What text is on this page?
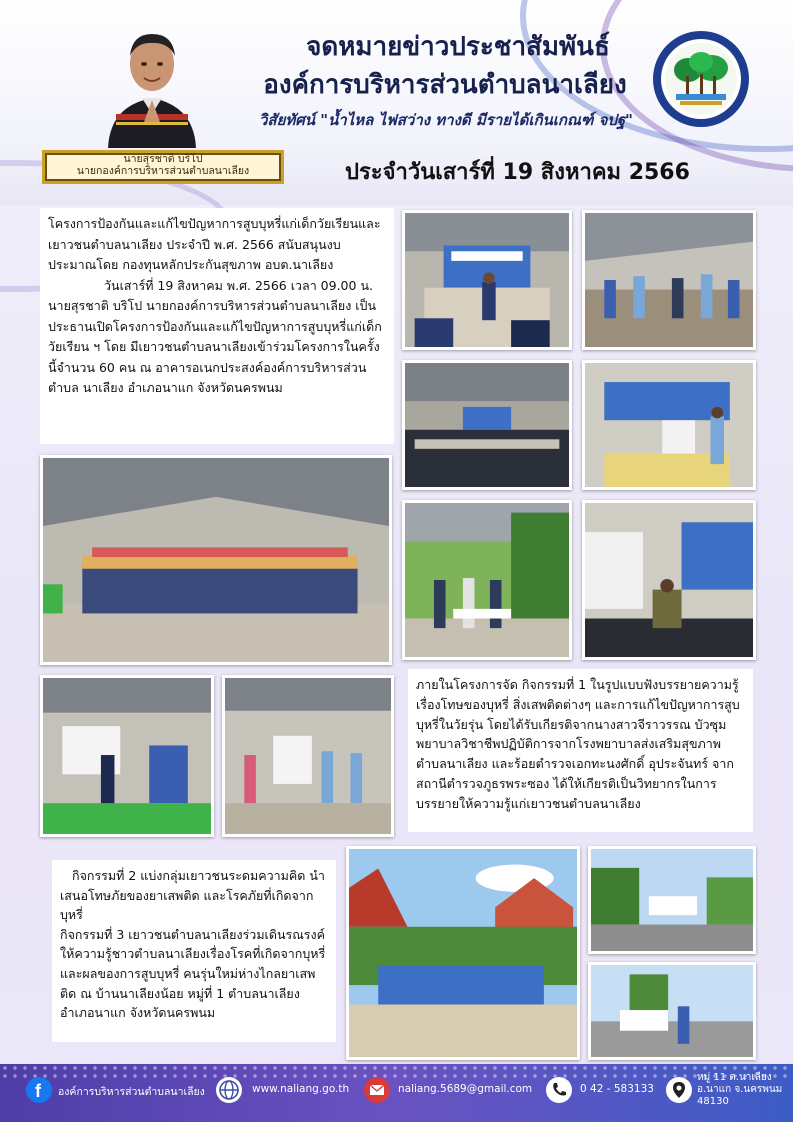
นายสุรชาติ บริโป
นายกองค์การบริหารส่วนตำบลนาเลียง
จดหมายข่าวประชาสัมพันธ์
องค์การบริหารส่วนตำบลนาเลียง
วิสัยทัศน์ "น้ำไหล ไฟสว่าง ทางดี มีรายได้เกินเกณฑ์ จปฐ"
ประจำวันเสาร์ที่ 19 สิงหาคม 2566

โครงการป้องกันและแก้ไขปัญหาการสูบบุหรี่แก่เด็กวัยเรียนและเยาวชนตำบลนาเลียง ประจำปี พ.ศ. 2566 สนับสนุนงบประมาณโดย กองทุนหลักประกันสุขภาพ อบต.นาเลียง

วันเสาร์ที่ 19 สิงหาคม พ.ศ. 2566 เวลา 09.00 น. นายสุรชาติ บริโป นายกองค์การบริหารส่วนตำบลนาเลียง เป็นประธานเปิดโครงการป้องกันและแก้ไขปัญหาการสูบบุหรี่แก่เด็กวัยเรียน ฯ โดย มีเยาวชนตำบลนาเลียงเข้าร่วมโครงการในครั้งนี้จำนวน 60 คน ณ อาคารอเนกประสงค์องค์การบริหารส่วนตำบล นาเลียง อำเภอนาแก จังหวัดนครพนม

ภายในโครงการจัด กิจกรรมที่ 1 ในรูปแบบฟังบรรยายความรู้เรื่องโทษของบุหรี่ สิ่งเสพติดต่างๆ และการแก้ไขปัญหาการสูบบุหรี่ในวัยรุ่น โดยได้รับเกียรติจากนางสาวจีราวรรณ บัวซุม พยาบาลวิชาชีพปฏิบัติการจากโรงพยาบาลส่งเสริมสุขภาพตำบลนาเลียง และร้อยตำรวจเอกทะนงศักดิ์ อุประจันทร์ จากสถานีตำรวจภูธรพระซอง ได้ให้เกียรติเป็นวิทยากรในการบรรยายให้ความรู้แก่เยาวชนตำบลนาเลียง

กิจกรรมที่ 2 แบ่งกลุ่มเยาวชนระดมความคิด นำเสนอโทษภัยของยาเสพติด และโรคภัยที่เกิดจากบุหรี่

กิจกรรมที่ 3 เยาวชนตำบลนาเลียงร่วมเดินรณรงค์ให้ความรู้ชาวตำบลนาเลียงเรื่องโรคที่เกิดจากบุหรี่และผลของการสูบบุหรี่ คนรุ่นใหม่ห่างไกลยาเสพติด ณ บ้านนาเลียงน้อย หมู่ที่ 1 ตำบลนาเลียง อำเภอนาแก จังหวัดนครพนม

f องค์การบริหารส่วนตำบลนาเลียง	www.naliang.go.th	naliang.5689@gmail.com	0 42 - 583133
หมู่ 11 ต.นาเลียง
อ.นาแก จ.นครพนม
48130
